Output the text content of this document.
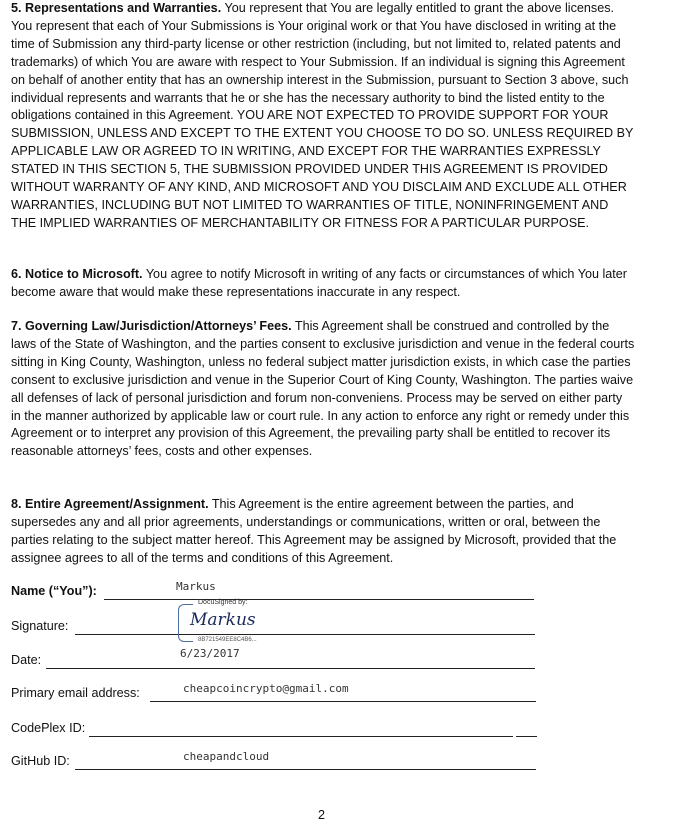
5. Representations and Warranties. You represent that You are legally entitled to grant the above licenses. You represent that each of Your Submissions is Your original work or that You have disclosed in writing at the time of Submission any third-party license or other restriction (including, but not limited to, related patents and trademarks) of which You are aware with respect to Your Submission. If an individual is signing this Agreement on behalf of another entity that has an ownership interest in the Submission, pursuant to Section 3 above, such individual represents and warrants that he or she has the necessary authority to bind the listed entity to the obligations contained in this Agreement. YOU ARE NOT EXPECTED TO PROVIDE SUPPORT FOR YOUR SUBMISSION, UNLESS AND EXCEPT TO THE EXTENT YOU CHOOSE TO DO SO. UNLESS REQUIRED BY APPLICABLE LAW OR AGREED TO IN WRITING, AND EXCEPT FOR THE WARRANTIES EXPRESSLY STATED IN THIS SECTION 5, THE SUBMISSION PROVIDED UNDER THIS AGREEMENT IS PROVIDED WITHOUT WARRANTY OF ANY KIND, AND MICROSOFT AND YOU DISCLAIM AND EXCLUDE ALL OTHER WARRANTIES, INCLUDING BUT NOT LIMITED TO WARRANTIES OF TITLE, NONINFRINGEMENT AND THE IMPLIED WARRANTIES OF MERCHANTABILITY OR FITNESS FOR A PARTICULAR PURPOSE.

6. Notice to Microsoft. You agree to notify Microsoft in writing of any facts or circumstances of which You later become aware that would make these representations inaccurate in any respect.

7. Governing Law/Jurisdiction/Attorneys’ Fees. This Agreement shall be construed and controlled by the laws of the State of Washington, and the parties consent to exclusive jurisdiction and venue in the federal courts sitting in King County, Washington, unless no federal subject matter jurisdiction exists, in which case the parties consent to exclusive jurisdiction and venue in the Superior Court of King County, Washington. The parties waive all defenses of lack of personal jurisdiction and forum non-conveniens. Process may be served on either party in the manner authorized by applicable law or court rule. In any action to enforce any right or remedy under this Agreement or to interpret any provision of this Agreement, the prevailing party shall be entitled to recover its reasonable attorneys’ fees, costs and other expenses.

8. Entire Agreement/Assignment. This Agreement is the entire agreement between the parties, and supersedes any and all prior agreements, understandings or communications, written or oral, between the parties relating to the subject matter hereof. This Agreement may be assigned by Microsoft, provided that the assignee agrees to all of the terms and conditions of this Agreement.

Name (“You”):	Markus
Signature:
DocuSigned by:
Markus
8B721549EE8C4B6...
Date:	6/23/2017
Primary email address:	cheapcoincrypto@gmail.com
CodePlex ID:
GitHub ID:	cheapandcloud
2
